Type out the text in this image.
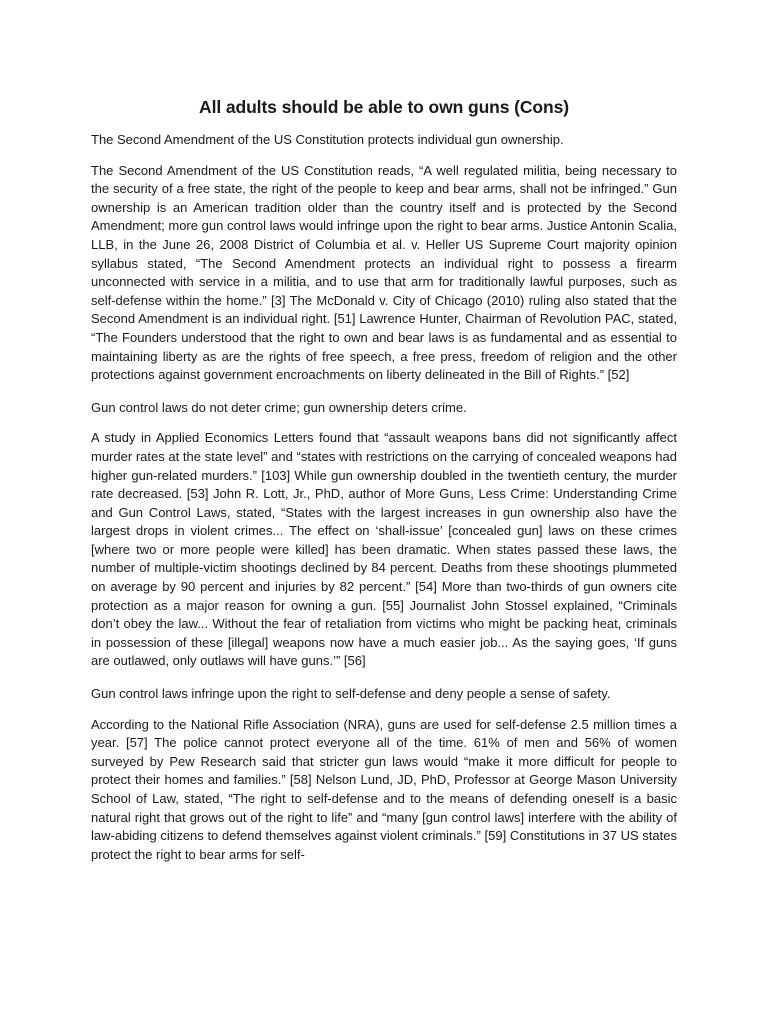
All adults should be able to own guns (Cons)

The Second Amendment of the US Constitution protects individual gun ownership.

The Second Amendment of the US Constitution reads, “A well regulated militia, being necessary to the security of a free state, the right of the people to keep and bear arms, shall not be infringed.” Gun ownership is an American tradition older than the country itself and is protected by the Second Amendment; more gun control laws would infringe upon the right to bear arms. Justice Antonin Scalia, LLB, in the June 26, 2008 District of Columbia et al. v. Heller US Supreme Court majority opinion syllabus stated, “The Second Amendment protects an individual right to possess a firearm unconnected with service in a militia, and to use that arm for traditionally lawful purposes, such as self-defense within the home.” [3] The McDonald v. City of Chicago (2010) ruling also stated that the Second Amendment is an individual right. [51] Lawrence Hunter, Chairman of Revolution PAC, stated, “The Founders understood that the right to own and bear laws is as fundamental and as essential to maintaining liberty as are the rights of free speech, a free press, freedom of religion and the other protections against government encroachments on liberty delineated in the Bill of Rights.” [52]

Gun control laws do not deter crime; gun ownership deters crime.

A study in Applied Economics Letters found that “assault weapons bans did not significantly affect murder rates at the state level” and “states with restrictions on the carrying of concealed weapons had higher gun-related murders.” [103] While gun ownership doubled in the twentieth century, the murder rate decreased. [53] John R. Lott, Jr., PhD, author of More Guns, Less Crime: Understanding Crime and Gun Control Laws, stated, “States with the largest increases in gun ownership also have the largest drops in violent crimes... The effect on ‘shall-issue’ [concealed gun] laws on these crimes [where two or more people were killed] has been dramatic. When states passed these laws, the number of multiple-victim shootings declined by 84 percent. Deaths from these shootings plummeted on average by 90 percent and injuries by 82 percent.” [54] More than two-thirds of gun owners cite protection as a major reason for owning a gun. [55] Journalist John Stossel explained, “Criminals don’t obey the law... Without the fear of retaliation from victims who might be packing heat, criminals in possession of these [illegal] weapons now have a much easier job... As the saying goes, ‘If guns are outlawed, only outlaws will have guns.’” [56]

Gun control laws infringe upon the right to self-defense and deny people a sense of safety.

According to the National Rifle Association (NRA), guns are used for self-defense 2.5 million times a year. [57] The police cannot protect everyone all of the time. 61% of men and 56% of women surveyed by Pew Research said that stricter gun laws would “make it more difficult for people to protect their homes and families.” [58] Nelson Lund, JD, PhD, Professor at George Mason University School of Law, stated, “The right to self-defense and to the means of defending oneself is a basic natural right that grows out of the right to life” and “many [gun control laws] interfere with the ability of law-abiding citizens to defend themselves against violent criminals.” [59] Constitutions in 37 US states protect the right to bear arms for self-
